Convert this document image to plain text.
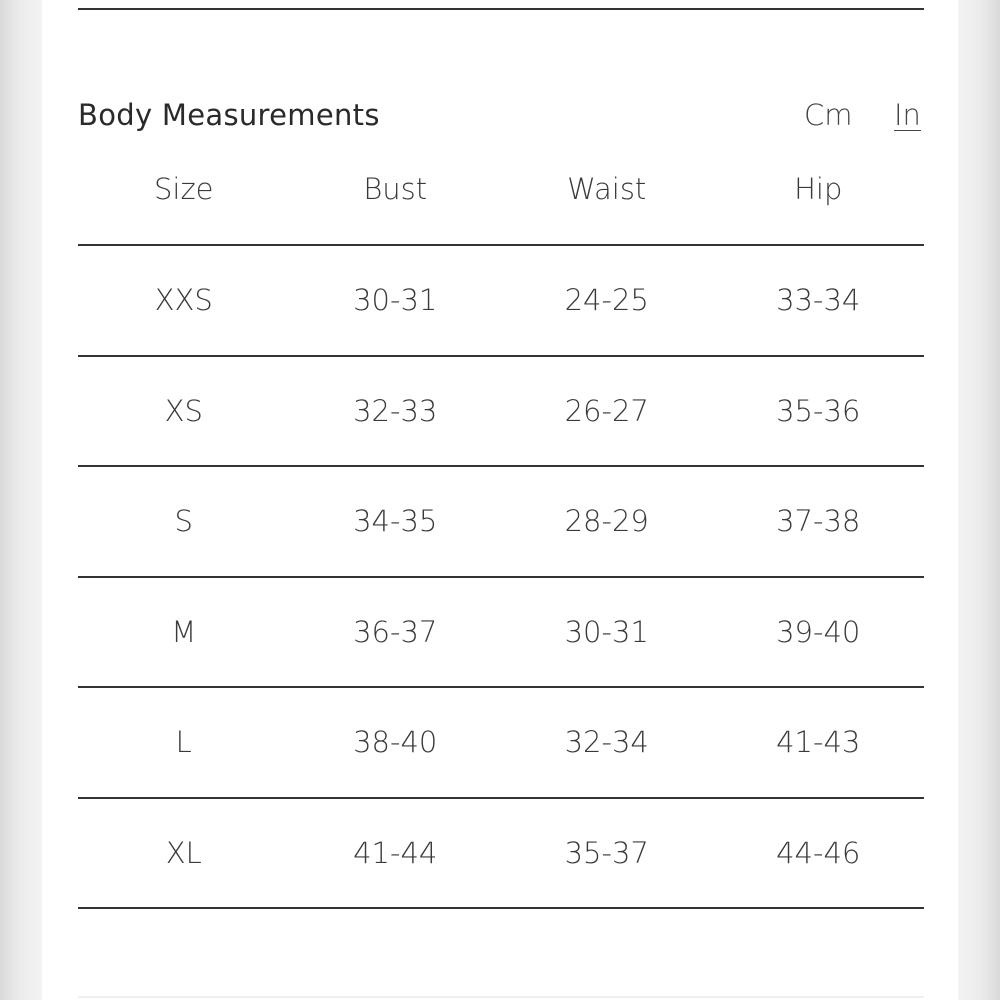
Body Measurements	Cm In
Size	Bust	Waist	Hip
XXS	30-31	24-25	33-34
XS	32-33	26-27	35-36
S	34-35	28-29	37-38
M	36-37	30-31	39-40
L	38-40	32-34	41-43
XL	41-44	35-37	44-46
